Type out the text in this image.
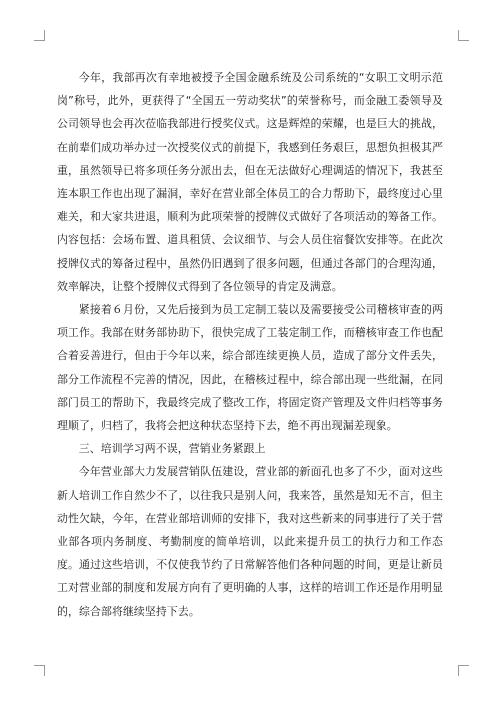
今年，我部再次有幸地被授予全国金融系统及公司系统的“女职工文明示范岗”称号，此外，更获得了“全国五一劳动奖状”的荣誉称号，而金融工委领导及公司领导也会再次莅临我部进行授奖仪式。这是辉煌的荣耀，也是巨大的挑战，在前辈们成功举办过一次授奖仪式的前提下，我感到任务艰巨，思想负担极其严重，虽然领导已将多项任务分派出去，但在无法做好心理调适的情况下，我甚至连本职工作也出现了漏洞，幸好在营业部全体员工的合力帮助下，最终度过心里难关，和大家共进退，顺利为此项荣誉的授牌仪式做好了各项活动的筹备工作。内容包括：会场布置、道具租赁、会议细节、与会人员住宿餐饮安排等。在此次授牌仪式的筹备过程中，虽然仍旧遇到了很多问题，但通过各部门的合理沟通，效率解决，让整个授牌仪式得到了各位领导的肯定及满意。

紧接着６月份，又先后接到为员工定制工装以及需要接受公司稽核审查的两项工作。我部在财务部协助下，很快完成了工装定制工作，而稽核审查工作也配合着妥善进行，但由于今年以来，综合部连续更换人员，造成了部分文件丢失，部分工作流程不完善的情况，因此，在稽核过程中，综合部出现一些纰漏，在同部门员工的帮助下，我最终完成了整改工作，将固定资产管理及文件归档等事务理顺了，归档了，我将会把这种状态坚持下去，绝不再出现漏差现象。

三、培训学习两不误，营销业务紧跟上

今年营业部大力发展营销队伍建设，营业部的新面孔也多了不少，面对这些新人培训工作自然少不了，以往我只是别人问，我来答，虽然是知无不言，但主动性欠缺，今年，在营业部培训师的安排下，我对这些新来的同事进行了关于营业部各项内务制度、考勤制度的简单培训，以此来提升员工的执行力和工作态度。通过这些培训，不仅使我节约了日常解答他们各种问题的时间，更是让新员工对营业部的制度和发展方向有了更明确的人事，这样的培训工作还是作用明显的，综合部将继续坚持下去。
